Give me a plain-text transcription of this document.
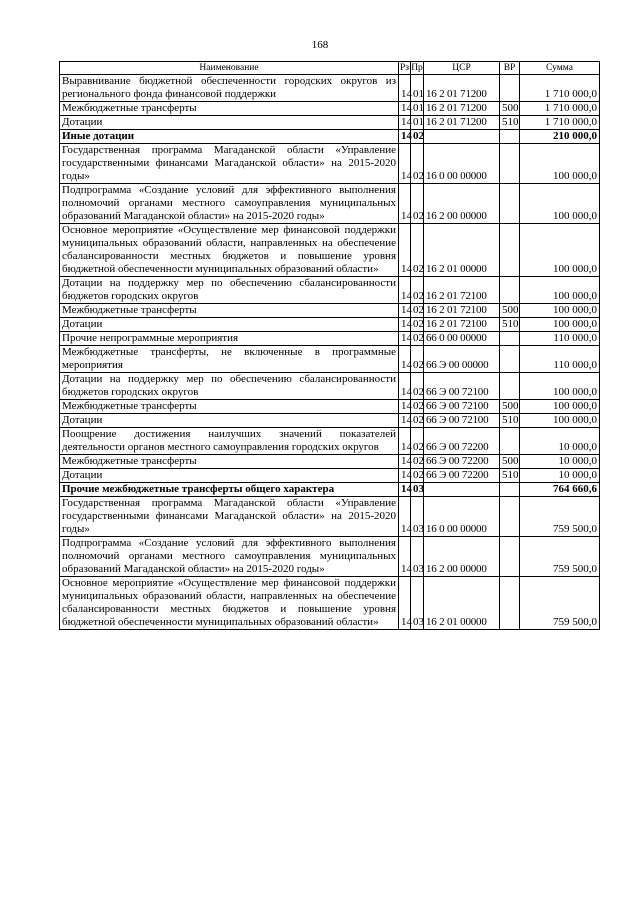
168
Наименование	Рз	Пр	ЦСР	ВР	Сумма
Выравнивание бюджетной обеспеченности городских округов из регионального фонда финансовой поддержки	14	01	16 2 01 71200		1 710 000,0
Межбюджетные трансферты	14	01	16 2 01 71200	500	1 710 000,0
Дотации	14	01	16 2 01 71200	510	1 710 000,0
Иные дотации	14	02			210 000,0
Государственная программа Магаданской области «Управление государственными финансами Магаданской области» на 2015-2020 годы»	14	02	16 0 00 00000		100 000,0
Подпрограмма «Создание условий для эффективного выполнения полномочий органами местного самоуправления муниципальных образований Магаданской области» на 2015-2020 годы»	14	02	16 2 00 00000		100 000,0
Основное мероприятие «Осуществление мер финансовой поддержки муниципальных образований области, направленных на обеспечение сбалансированности местных бюджетов и повышение уровня бюджетной обеспеченности муниципальных образований области»	14	02	16 2 01 00000		100 000,0
Дотации на поддержку мер по обеспечению сбалансированности бюджетов городских округов	14	02	16 2 01 72100		100 000,0
Межбюджетные трансферты	14	02	16 2 01 72100	500	100 000,0
Дотации	14	02	16 2 01 72100	510	100 000,0
Прочие непрограммные мероприятия	14	02	66 0 00 00000		110 000,0
Межбюджетные трансферты, не включенные в программные мероприятия	14	02	66 Э 00 00000		110 000,0
Дотации на поддержку мер по обеспечению сбалансированности бюджетов городских округов	14	02	66 Э 00 72100		100 000,0
Межбюджетные трансферты	14	02	66 Э 00 72100	500	100 000,0
Дотации	14	02	66 Э 00 72100	510	100 000,0
Поощрение достижения наилучших значений показателей деятельности органов местного самоуправления городских округов	14	02	66 Э 00 72200		10 000,0
Межбюджетные трансферты	14	02	66 Э 00 72200	500	10 000,0
Дотации	14	02	66 Э 00 72200	510	10 000,0
Прочие межбюджетные трансферты общего характера	14	03			764 660,6
Государственная программа Магаданской области «Управление государственными финансами Магаданской области» на 2015-2020 годы»	14	03	16 0 00 00000		759 500,0
Подпрограмма «Создание условий для эффективного выполнения полномочий органами местного самоуправления муниципальных образований Магаданской области» на 2015-2020 годы»	14	03	16 2 00 00000		759 500,0
Основное мероприятие «Осуществление мер финансовой поддержки муниципальных образований области, направленных на обеспечение сбалансированности местных бюджетов и повышение уровня бюджетной обеспеченности муниципальных образований области»	14	03	16 2 01 00000		759 500,0
